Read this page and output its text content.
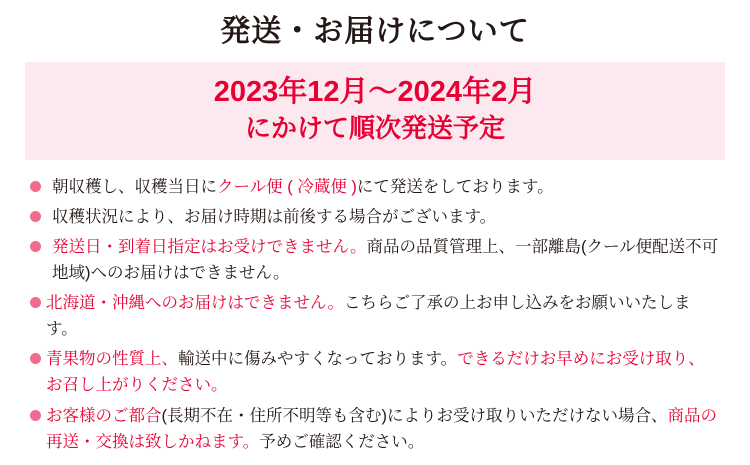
発送・お届けについて
2023年12月〜2024年2月
にかけて順次発送予定
朝収穫し、収穫当日にクール便 ( 冷蔵便 )にて発送をしております。
収穫状況により、お届け時期は前後する場合がございます。
発送日・到着日指定はお受けできません。商品の品質管理上、一部離島(クール便配送不可地域)へのお届けはできません。
北海道・沖縄へのお届けはできません。こちらご了承の上お申し込みをお願いいたします。
青果物の性質上、輸送中に傷みやすくなっております。できるだけお早めにお受け取り、お召し上がりください。
お客様のご都合(長期不在・住所不明等も含む)によりお受け取りいただけない場合、商品の再送・交換は致しかねます。予めご確認ください。
